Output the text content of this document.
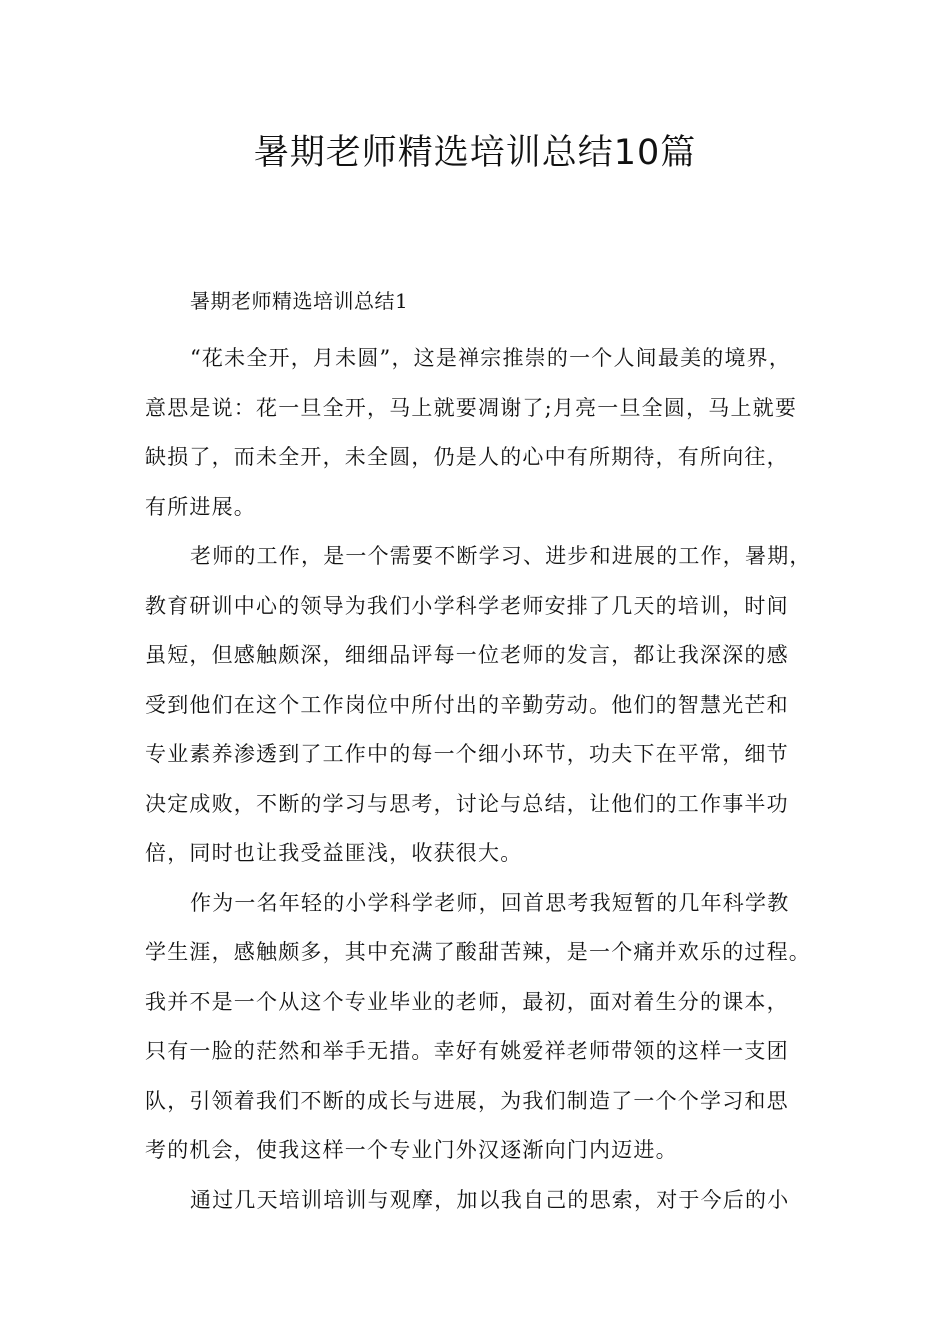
暑期老师精选培训总结10篇
暑期老师精选培训总结1
“花未全开，月未圆”，这是禅宗推崇的一个人间最美的境界，
意思是说：花一旦全开，马上就要凋谢了;月亮一旦全圆，马上就要
缺损了，而未全开，未全圆，仍是人的心中有所期待，有所向往，
有所进展。
老师的工作，是一个需要不断学习、进步和进展的工作，暑期，
教育研训中心的领导为我们小学科学老师安排了几天的培训，时间
虽短，但感触颇深，细细品评每一位老师的发言，都让我深深的感
受到他们在这个工作岗位中所付出的辛勤劳动。他们的智慧光芒和
专业素养渗透到了工作中的每一个细小环节，功夫下在平常，细节
决定成败，不断的学习与思考，讨论与总结，让他们的工作事半功
倍，同时也让我受益匪浅，收获很大。
作为一名年轻的小学科学老师，回首思考我短暂的几年科学教
学生涯，感触颇多，其中充满了酸甜苦辣，是一个痛并欢乐的过程。
我并不是一个从这个专业毕业的老师，最初，面对着生分的课本，
只有一脸的茫然和举手无措。幸好有姚爱祥老师带领的这样一支团
队，引领着我们不断的成长与进展，为我们制造了一个个学习和思
考的机会，使我这样一个专业门外汉逐渐向门内迈进。
通过几天培训培训与观摩，加以我自己的思索，对于今后的小
